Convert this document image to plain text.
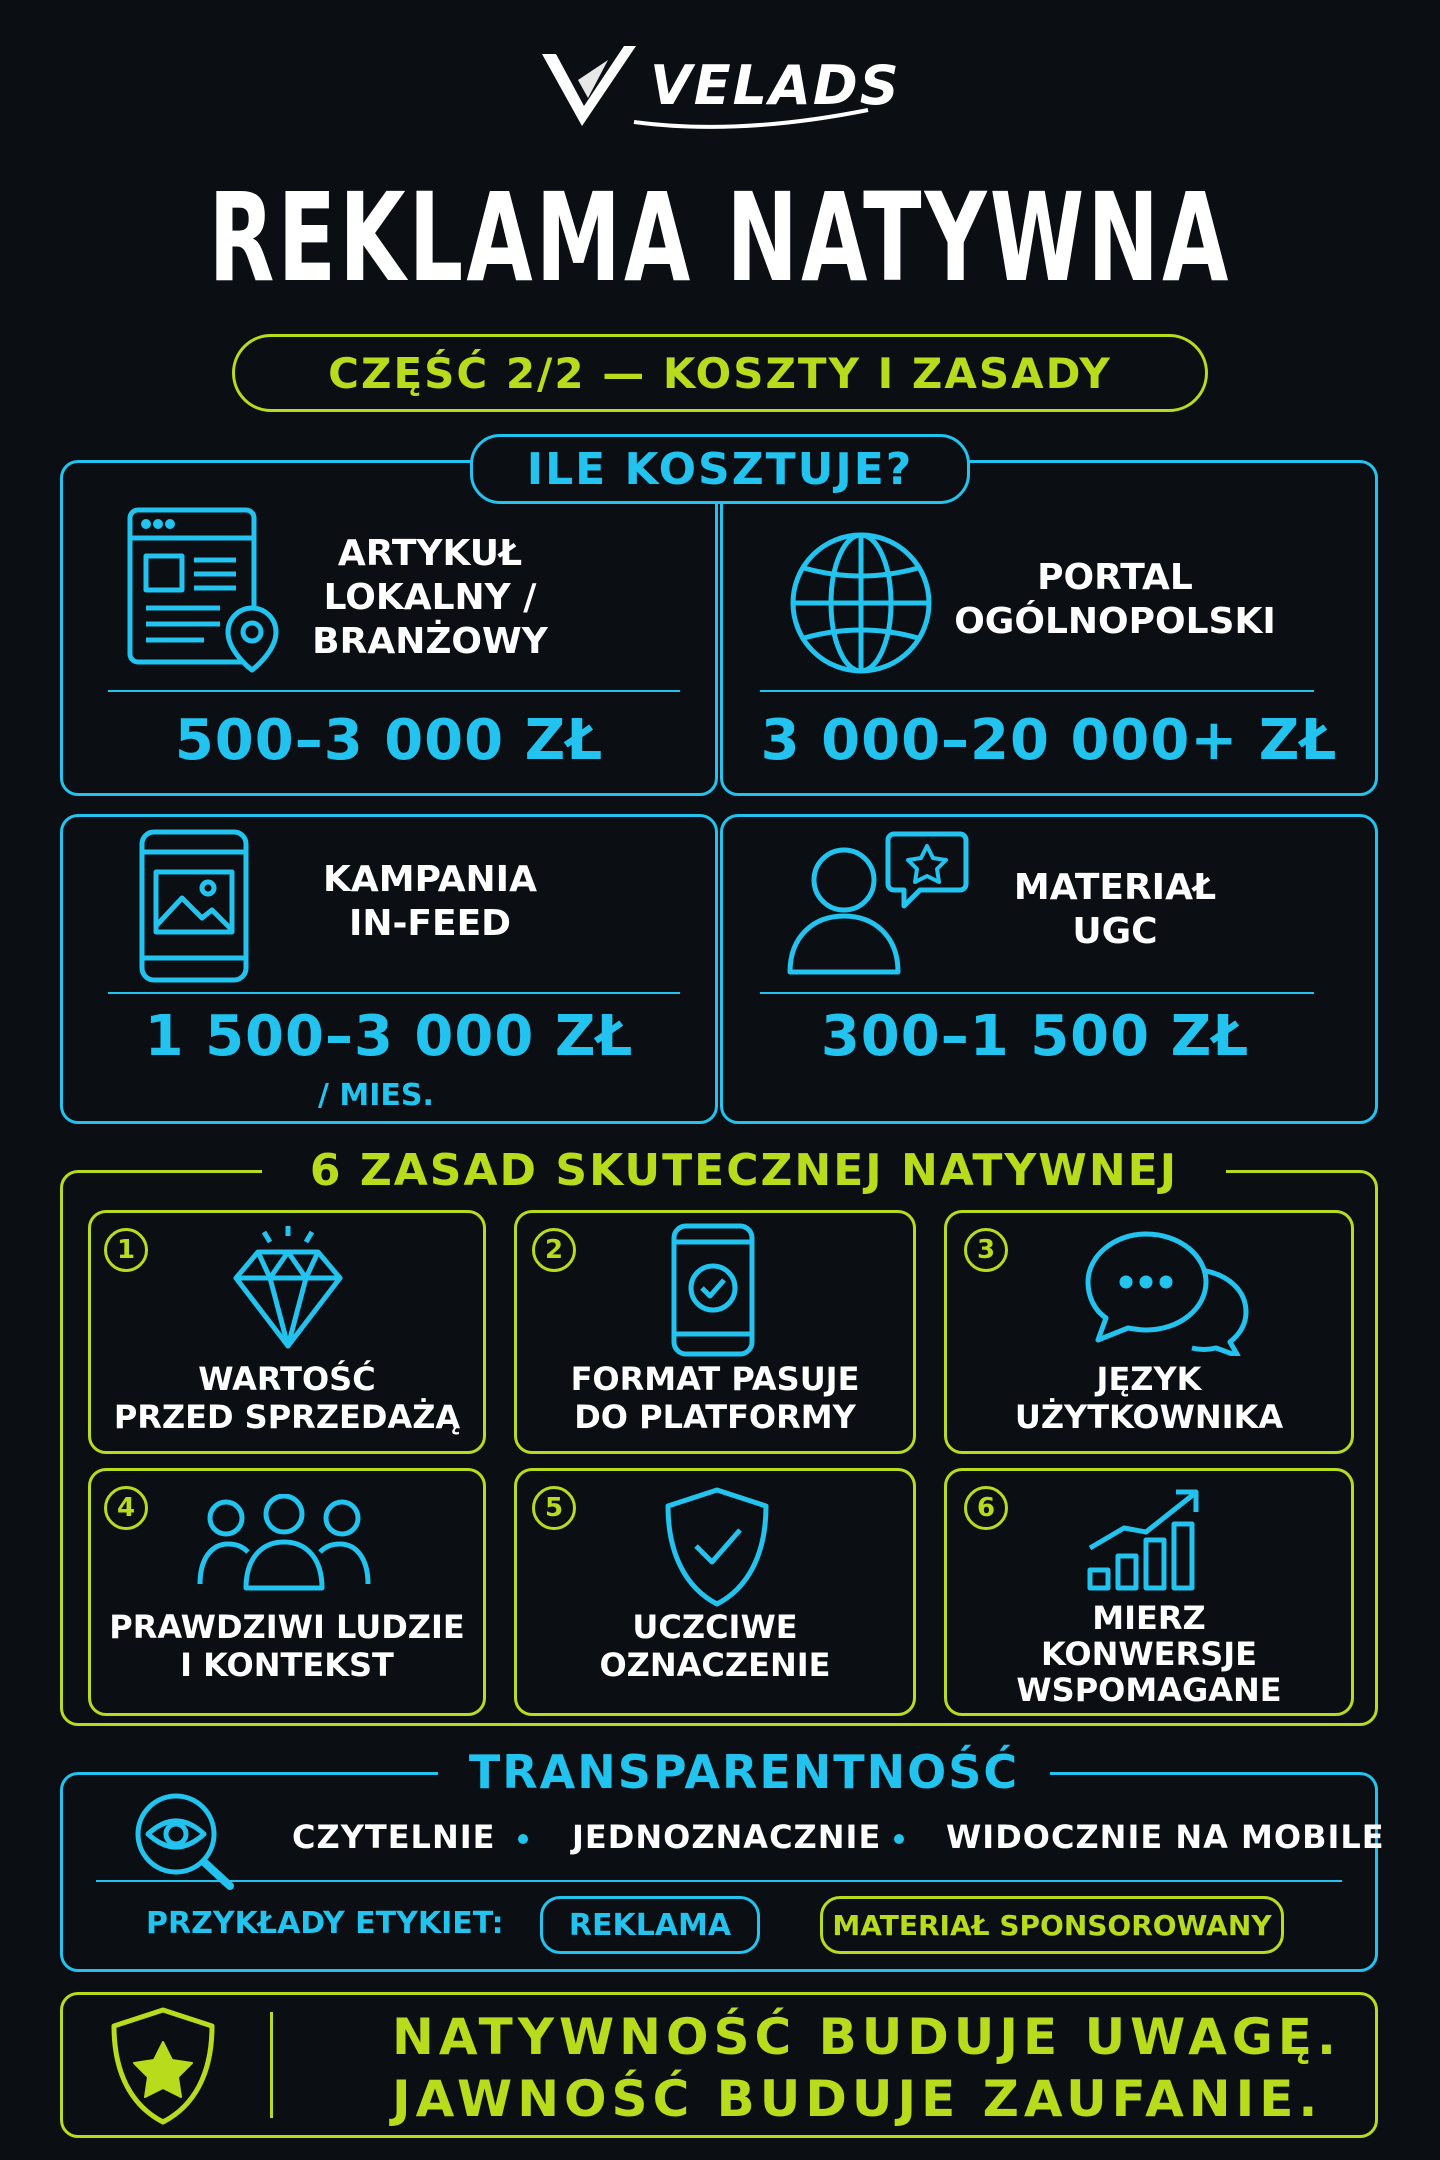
VELADS
REKLAMA NATYWNA
CZĘŚĆ 2/2 — KOSZTY I ZASADY
ILE KOSZTUJE?
ARTYKUŁ
LOKALNY /
BRANŻOWY
500–3 000 ZŁ
PORTAL
OGÓLNOPOLSKI
3 000–20 000+ ZŁ
KAMPANIA
IN-FEED
1 500–3 000 ZŁ
/ MIES.
MATERIAŁ
UGC
300–1 500 ZŁ
6 ZASAD SKUTECZNEJ NATYWNEJ
1	2	3
4	5	6
WARTOŚĆ
PRZED SPRZEDAŻĄ
FORMAT PASUJE
DO PLATFORMY
JĘZYK
UŻYTKOWNIKA
PRAWDZIWI LUDZIE
I KONTEKST
UCZCIWE
OZNACZENIE
MIERZ
KONWERSJE
WSPOMAGANE
TRANSPARENTNOŚĆ
CZYTELNIE JEDNOZNACZNIE WIDOCZNIE NA MOBILE
PRZYKŁADY ETYKIET: REKLAMA	MATERIAŁ SPONSOROWANY
NATYWNOŚĆ BUDUJE UWAGĘ.
JAWNOŚĆ BUDUJE ZAUFANIE.
